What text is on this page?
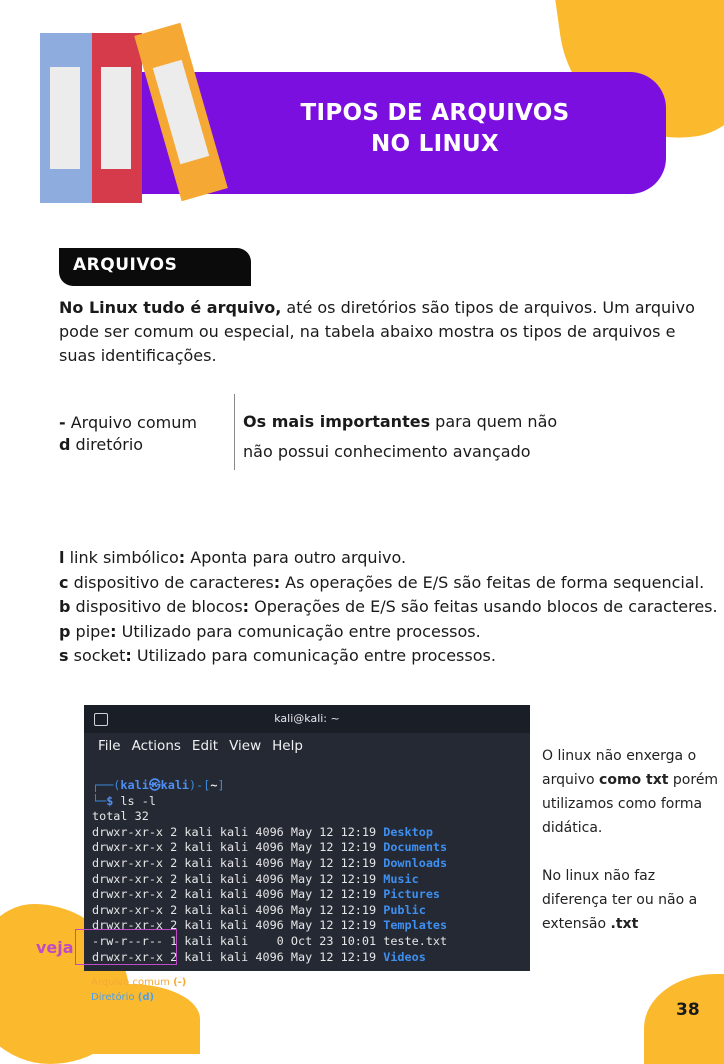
TIPOS DE ARQUIVOS
NO LINUX
ARQUIVOS
No Linux tudo é arquivo, até os diretórios são tipos de arquivos. Um arquivo pode ser comum ou especial, na tabela abaixo mostra os tipos de arquivos e suas identificações.
- Arquivo comum
d diretório
Os mais importantes para quem não
não possui conhecimento avançado
l link simbólico: Aponta para outro arquivo.
c dispositivo de caracteres: As operações de E/S são feitas de forma sequencial.
b dispositivo de blocos: Operações de E/S são feitas usando blocos de caracteres.
p pipe: Utilizado para comunicação entre processos.
s socket: Utilizado para comunicação entre processos.
kali@kali: ~
File Actions Edit View Help
┌──(kali㉿kali)-[~]
└─$ ls -l
total 32
drwxr-xr-x 2 kali kali 4096 May 12 12:19 Desktop
drwxr-xr-x 2 kali kali 4096 May 12 12:19 Documents
drwxr-xr-x 2 kali kali 4096 May 12 12:19 Downloads
drwxr-xr-x 2 kali kali 4096 May 12 12:19 Music
drwxr-xr-x 2 kali kali 4096 May 12 12:19 Pictures
drwxr-xr-x 2 kali kali 4096 May 12 12:19 Public
drwxr-xr-x 2 kali kali 4096 May 12 12:19 Templates
-rw-r--r-- 1 kali kali    0 Oct 23 10:01 teste.txt
drwxr-xr-x 2 kali kali 4096 May 12 12:19 Videos
veja
Arquivo comum (-)
Diretório (d)
O linux não enxerga o arquivo como txt porém utilizamos como forma didática.
No linux não faz diferença ter ou não a extensão .txt
38
